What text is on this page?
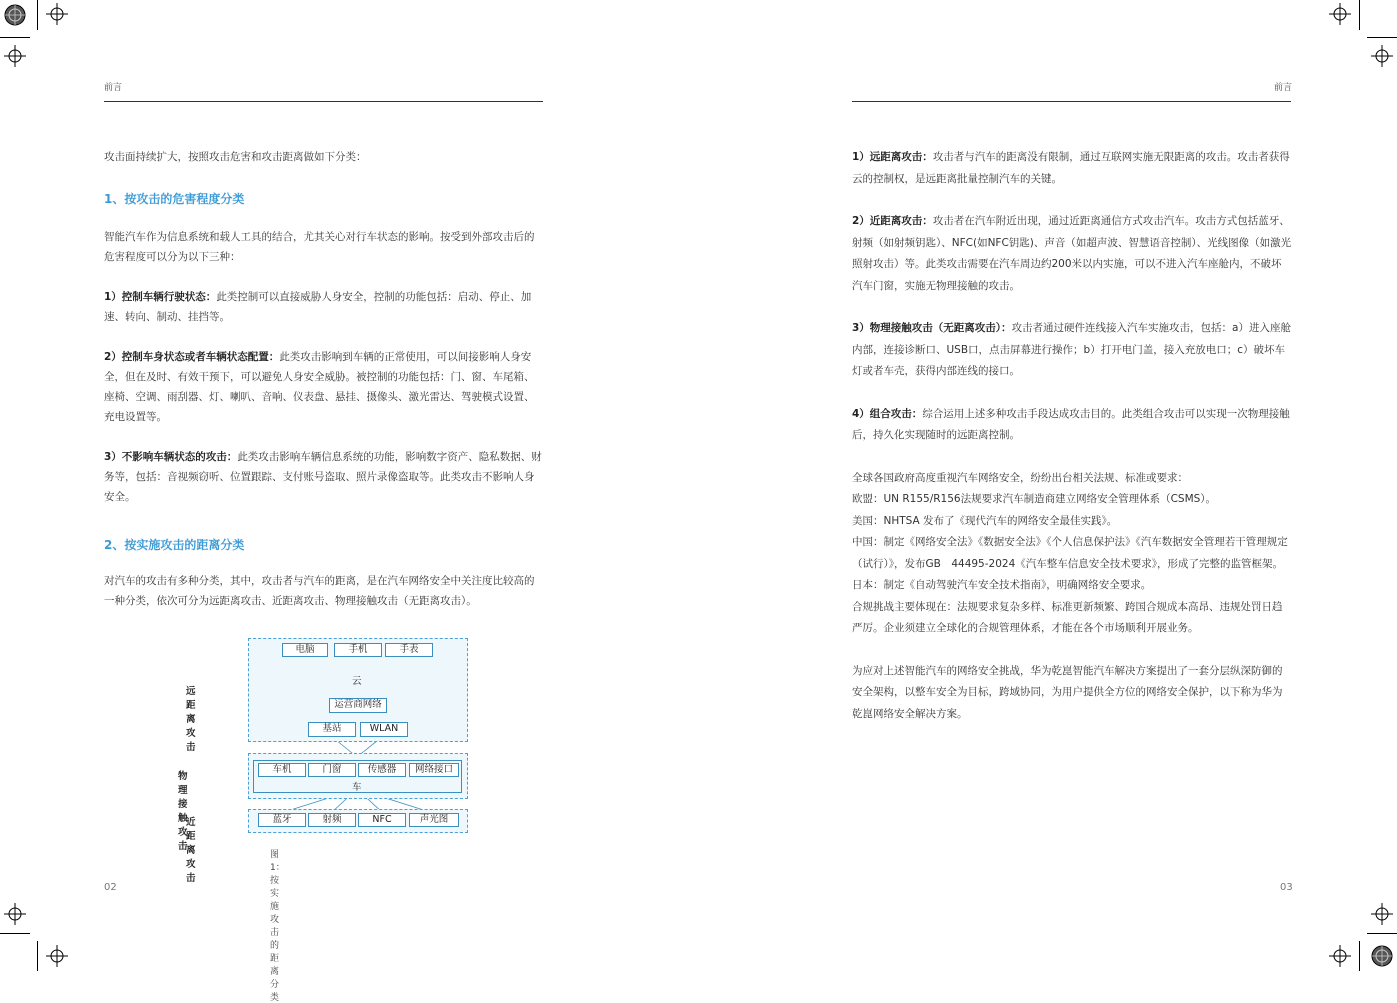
前言

攻击面持续扩大，按照攻击危害和攻击距离做如下分类：

1、按攻击的危害程度分类

智能汽车作为信息系统和载人工具的结合，尤其关心对行车状态的影响。按受到外部攻击后的危害程度可以分为以下三种：

1）控制车辆行驶状态：此类控制可以直接威胁人身安全，控制的功能包括：启动、停止、加速、转向、制动、挂挡等。

2）控制车身状态或者车辆状态配置：此类攻击影响到车辆的正常使用，可以间接影响人身安全，但在及时、有效干预下，可以避免人身安全威胁。被控制的功能包括：门、窗、车尾箱、座椅、空调、雨刮器、灯、喇叭、音响、仪表盘、悬挂、摄像头、激光雷达、驾驶模式设置、充电设置等。

3）不影响车辆状态的攻击：此类攻击影响车辆信息系统的功能，影响数字资产、隐私数据、财务等，包括：音视频窃听、位置跟踪、支付账号盗取、照片录像盗取等。此类攻击不影响人身安全。

2、按实施攻击的距离分类

对汽车的攻击有多种分类，其中，攻击者与汽车的距离，是在汽车网络安全中关注度比较高的一种分类，依次可分为远距离攻击、近距离攻击、物理接触攻击（无距离攻击）。

电脑	手机	手表
云
运营商网络
基站	WLAN
车机	门窗	传感器	网络接口
车
蓝牙	射频	NFC	声光图
远距离攻击
物理接触攻击
近距离攻击
图1：按实施攻击的距离分类
02
前言

1）远距离攻击：攻击者与汽车的距离没有限制，通过互联网实施无限距离的攻击。攻击者获得云的控制权，是远距离批量控制汽车的关键。

2）近距离攻击：攻击者在汽车附近出现，通过近距离通信方式攻击汽车。攻击方式包括蓝牙、射频（如射频钥匙）、NFC(如NFC钥匙)、声音（如超声波、智慧语音控制）、光线图像（如激光照射攻击）等。此类攻击需要在汽车周边约200米以内实施，可以不进入汽车座舱内，不破坏汽车门窗，实施无物理接触的攻击。

3）物理接触攻击（无距离攻击）：攻击者通过硬件连线接入汽车实施攻击，包括：a）进入座舱内部，连接诊断口、USB口，点击屏幕进行操作；b）打开电门盖，接入充放电口；c）破坏车灯或者车壳，获得内部连线的接口。

4）组合攻击：综合运用上述多种攻击手段达成攻击目的。此类组合攻击可以实现一次物理接触后，持久化实现随时的远距离控制。

全球各国政府高度重视汽车网络安全，纷纷出台相关法规、标准或要求：

欧盟：UN R155/R156法规要求汽车制造商建立网络安全管理体系（CSMS）。

美国：NHTSA 发布了《现代汽车的网络安全最佳实践》。

中国：制定《网络安全法》《数据安全法》《个人信息保护法》《汽车数据安全管理若干管理规定（试行）》，发布GB　44495-2024《汽车整车信息安全技术要求》，形成了完整的监管框架。

日本：制定《自动驾驶汽车安全技术指南》，明确网络安全要求。

合规挑战主要体现在：法规要求复杂多样、标准更新频繁、跨国合规成本高昂、违规处罚日趋严厉。企业须建立全球化的合规管理体系，才能在各个市场顺利开展业务。

为应对上述智能汽车的网络安全挑战，华为乾崑智能汽车解决方案提出了一套分层纵深防御的安全架构，以整车安全为目标，跨域协同，为用户提供全方位的网络安全保护，以下称为华为乾崑网络安全解决方案。

03
